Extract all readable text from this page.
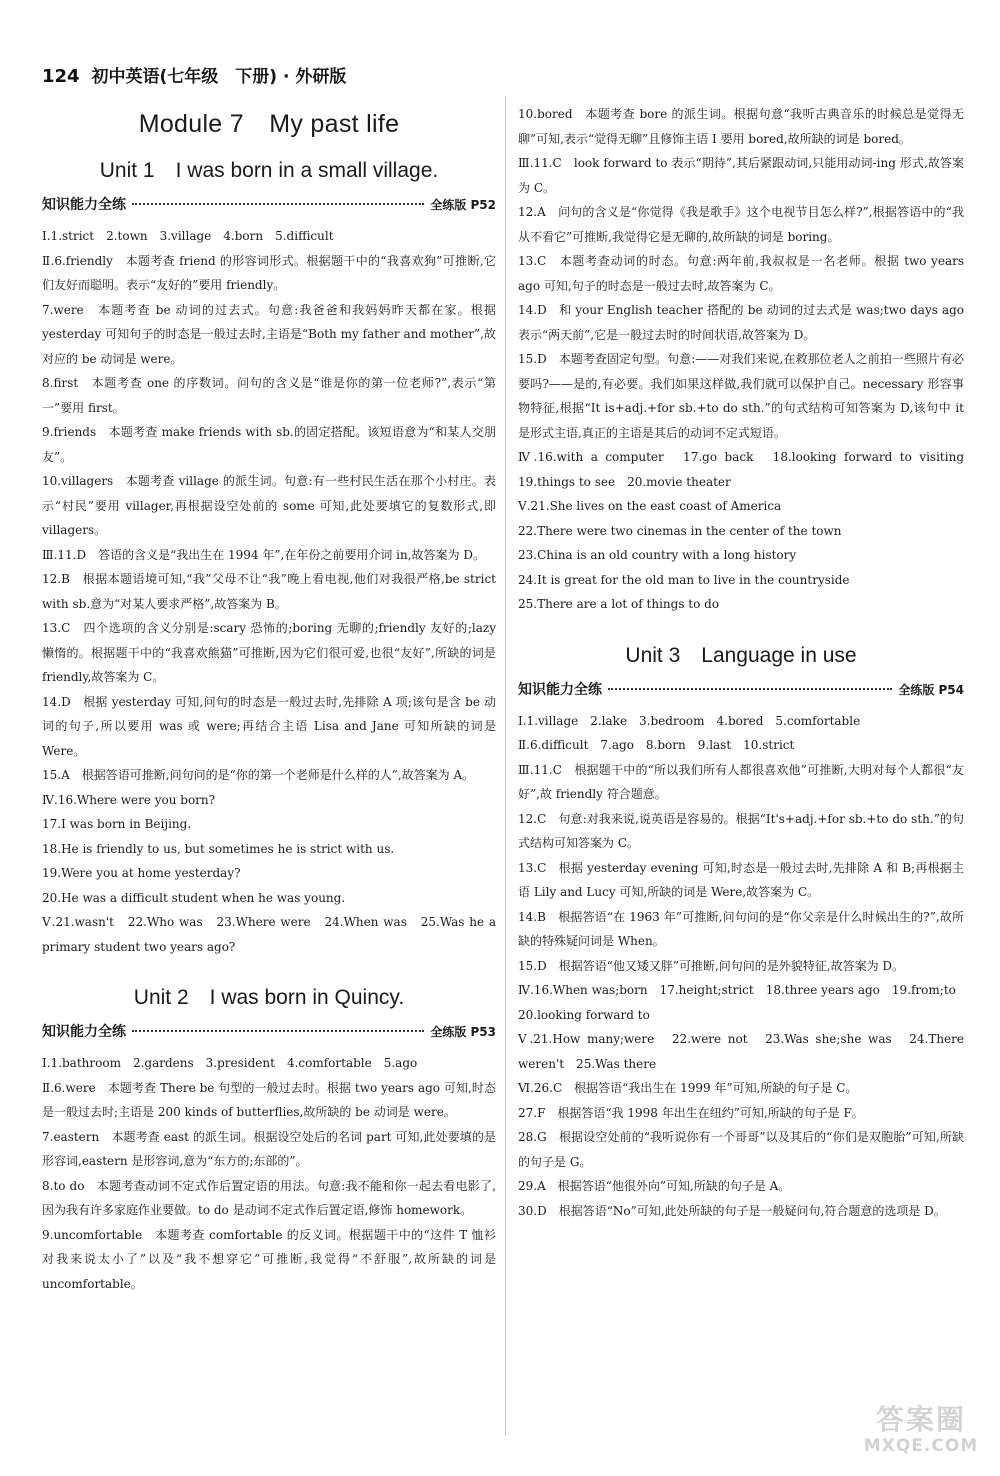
124 初中英语(七年级　下册) · 外研版
Module 7　My past life
Unit 1　I was born in a small village.
知识能力全练	全练版 P52

Ⅰ.1.strict　2.town　3.village　4.born　5.difficult

Ⅱ.6.friendly　本题考查 friend 的形容词形式。根据题干中的“我喜欢狗”可推断,它们友好而聪明。表示“友好的”要用 friendly。

7.were　本题考查 be 动词的过去式。句意:我爸爸和我妈妈昨天都在家。根据 yesterday 可知句子的时态是一般过去时,主语是“Both my father and mother”,故对应的 be 动词是 were。

8.first　本题考查 one 的序数词。问句的含义是“谁是你的第一位老师?”,表示“第一”要用 first。

9.friends　本题考查 make friends with sb.的固定搭配。该短语意为“和某人交朋友”。

10.villagers　本题考查 village 的派生词。句意:有一些村民生活在那个小村庄。表示“村民”要用 villager,再根据设空处前的 some 可知,此处要填它的复数形式,即 villagers。

Ⅲ.11.D　答语的含义是“我出生在 1994 年”,在年份之前要用介词 in,故答案为 D。

12.B　根据本题语境可知,“我”父母不让“我”晚上看电视,他们对我很严格,be strict with sb.意为“对某人要求严格”,故答案为 B。

13.C　四个选项的含义分别是:scary 恐怖的;boring 无聊的;friendly 友好的;lazy 懒惰的。根据题干中的“我喜欢熊猫”可推断,因为它们很可爱,也很“友好”,所缺的词是 friendly,故答案为 C。

14.D　根据 yesterday 可知,问句的时态是一般过去时,先排除 A 项;该句是含 be 动词的句子,所以要用 was 或 were;再结合主语 Lisa and Jane 可知所缺的词是 Were。

15.A　根据答语可推断,问句问的是“你的第一个老师是什么样的人”,故答案为 A。

Ⅳ.16.Where were you born?

17.I was born in Beijing.

18.He is friendly to us, but sometimes he is strict with us.

19.Were you at home yesterday?

20.He was a difficult student when he was young.

Ⅴ.21.wasn't　22.Who was　23.Where were　24.When was　25.Was he a primary student two years ago?

Unit 2　I was born in Quincy.
知识能力全练	全练版 P53

Ⅰ.1.bathroom　2.gardens　3.president　4.comfortable　5.ago

Ⅱ.6.were　本题考查 There be 句型的一般过去时。根据 two years ago 可知,时态是一般过去时;主语是 200 kinds of butterflies,故所缺的 be 动词是 were。

7.eastern　本题考查 east 的派生词。根据设空处后的名词 part 可知,此处要填的是形容词,eastern 是形容词,意为“东方的;东部的”。

8.to do　本题考查动词不定式作后置定语的用法。句意:我不能和你一起去看电影了,因为我有许多家庭作业要做。to do 是动词不定式作后置定语,修饰 homework。

9.uncomfortable　本题考查 comfortable 的反义词。根据题干中的“这件 T 恤衫对我来说太小了”以及“我不想穿它”可推断,我觉得“不舒服”,故所缺的词是 uncomfortable。

10.bored　本题考查 bore 的派生词。根据句意“我听古典音乐的时候总是觉得无聊”可知,表示“觉得无聊”且修饰主语 I 要用 bored,故所缺的词是 bored。

Ⅲ.11.C　look forward to 表示“期待”,其后紧跟动词,只能用动词-ing 形式,故答案为 C。

12.A　问句的含义是“你觉得《我是歌手》这个电视节目怎么样?”,根据答语中的“我从不看它”可推断,我觉得它是无聊的,故所缺的词是 boring。

13.C　本题考查动词的时态。句意:两年前,我叔叔是一名老师。根据 two years ago 可知,句子的时态是一般过去时,故答案为 C。

14.D　和 your English teacher 搭配的 be 动词的过去式是 was;two days ago 表示“两天前”,它是一般过去时的时间状语,故答案为 D。

15.D　本题考查固定句型。句意:——对我们来说,在救那位老人之前拍一些照片有必要吗?——是的,有必要。我们如果这样做,我们就可以保护自己。necessary 形容事物特征,根据“It is+adj.+for sb.+to do sth.”的句式结构可知答案为 D,该句中 it 是形式主语,真正的主语是其后的动词不定式短语。

Ⅳ.16.with a computer　17.go back　18.looking forward to visiting　19.things to see　20.movie theater

Ⅴ.21.She lives on the east coast of America

22.There were two cinemas in the center of the town

23.China is an old country with a long history

24.It is great for the old man to live in the countryside

25.There are a lot of things to do

Unit 3　Language in use
知识能力全练	全练版 P54

Ⅰ.1.village　2.lake　3.bedroom　4.bored　5.comfortable

Ⅱ.6.difficult　7.ago　8.born　9.last　10.strict

Ⅲ.11.C　根据题干中的“所以我们所有人都很喜欢他”可推断,大明对每个人都很“友好”,故 friendly 符合题意。

12.C　句意:对我来说,说英语是容易的。根据“It's+adj.+for sb.+to do sth.”的句式结构可知答案为 C。

13.C　根据 yesterday evening 可知,时态是一般过去时,先排除 A 和 B;再根据主语 Lily and Lucy 可知,所缺的词是 Were,故答案为 C。

14.B　根据答语“在 1963 年”可推断,问句问的是“你父亲是什么时候出生的?”,故所缺的特殊疑问词是 When。

15.D　根据答语“他又矮又胖”可推断,问句问的是外貌特征,故答案为 D。

Ⅳ.16.When was;born　17.height;strict　18.three years ago　19.from;to

20.looking forward to

Ⅴ.21.How many;were　22.were not　23.Was she;she was　24.There weren't　25.Was there

Ⅵ.26.C　根据答语“我出生在 1999 年”可知,所缺的句子是 C。

27.F　根据答语“我 1998 年出生在纽约”可知,所缺的句子是 F。

28.G　根据设空处前的“我听说你有一个哥哥”以及其后的“你们是双胞胎”可知,所缺的句子是 G。

29.A　根据答语“他很外向”可知,所缺的句子是 A。

30.D　根据答语“No”可知,此处所缺的句子是一般疑问句,符合题意的选项是 D。

答案圈
MXQE.COM
